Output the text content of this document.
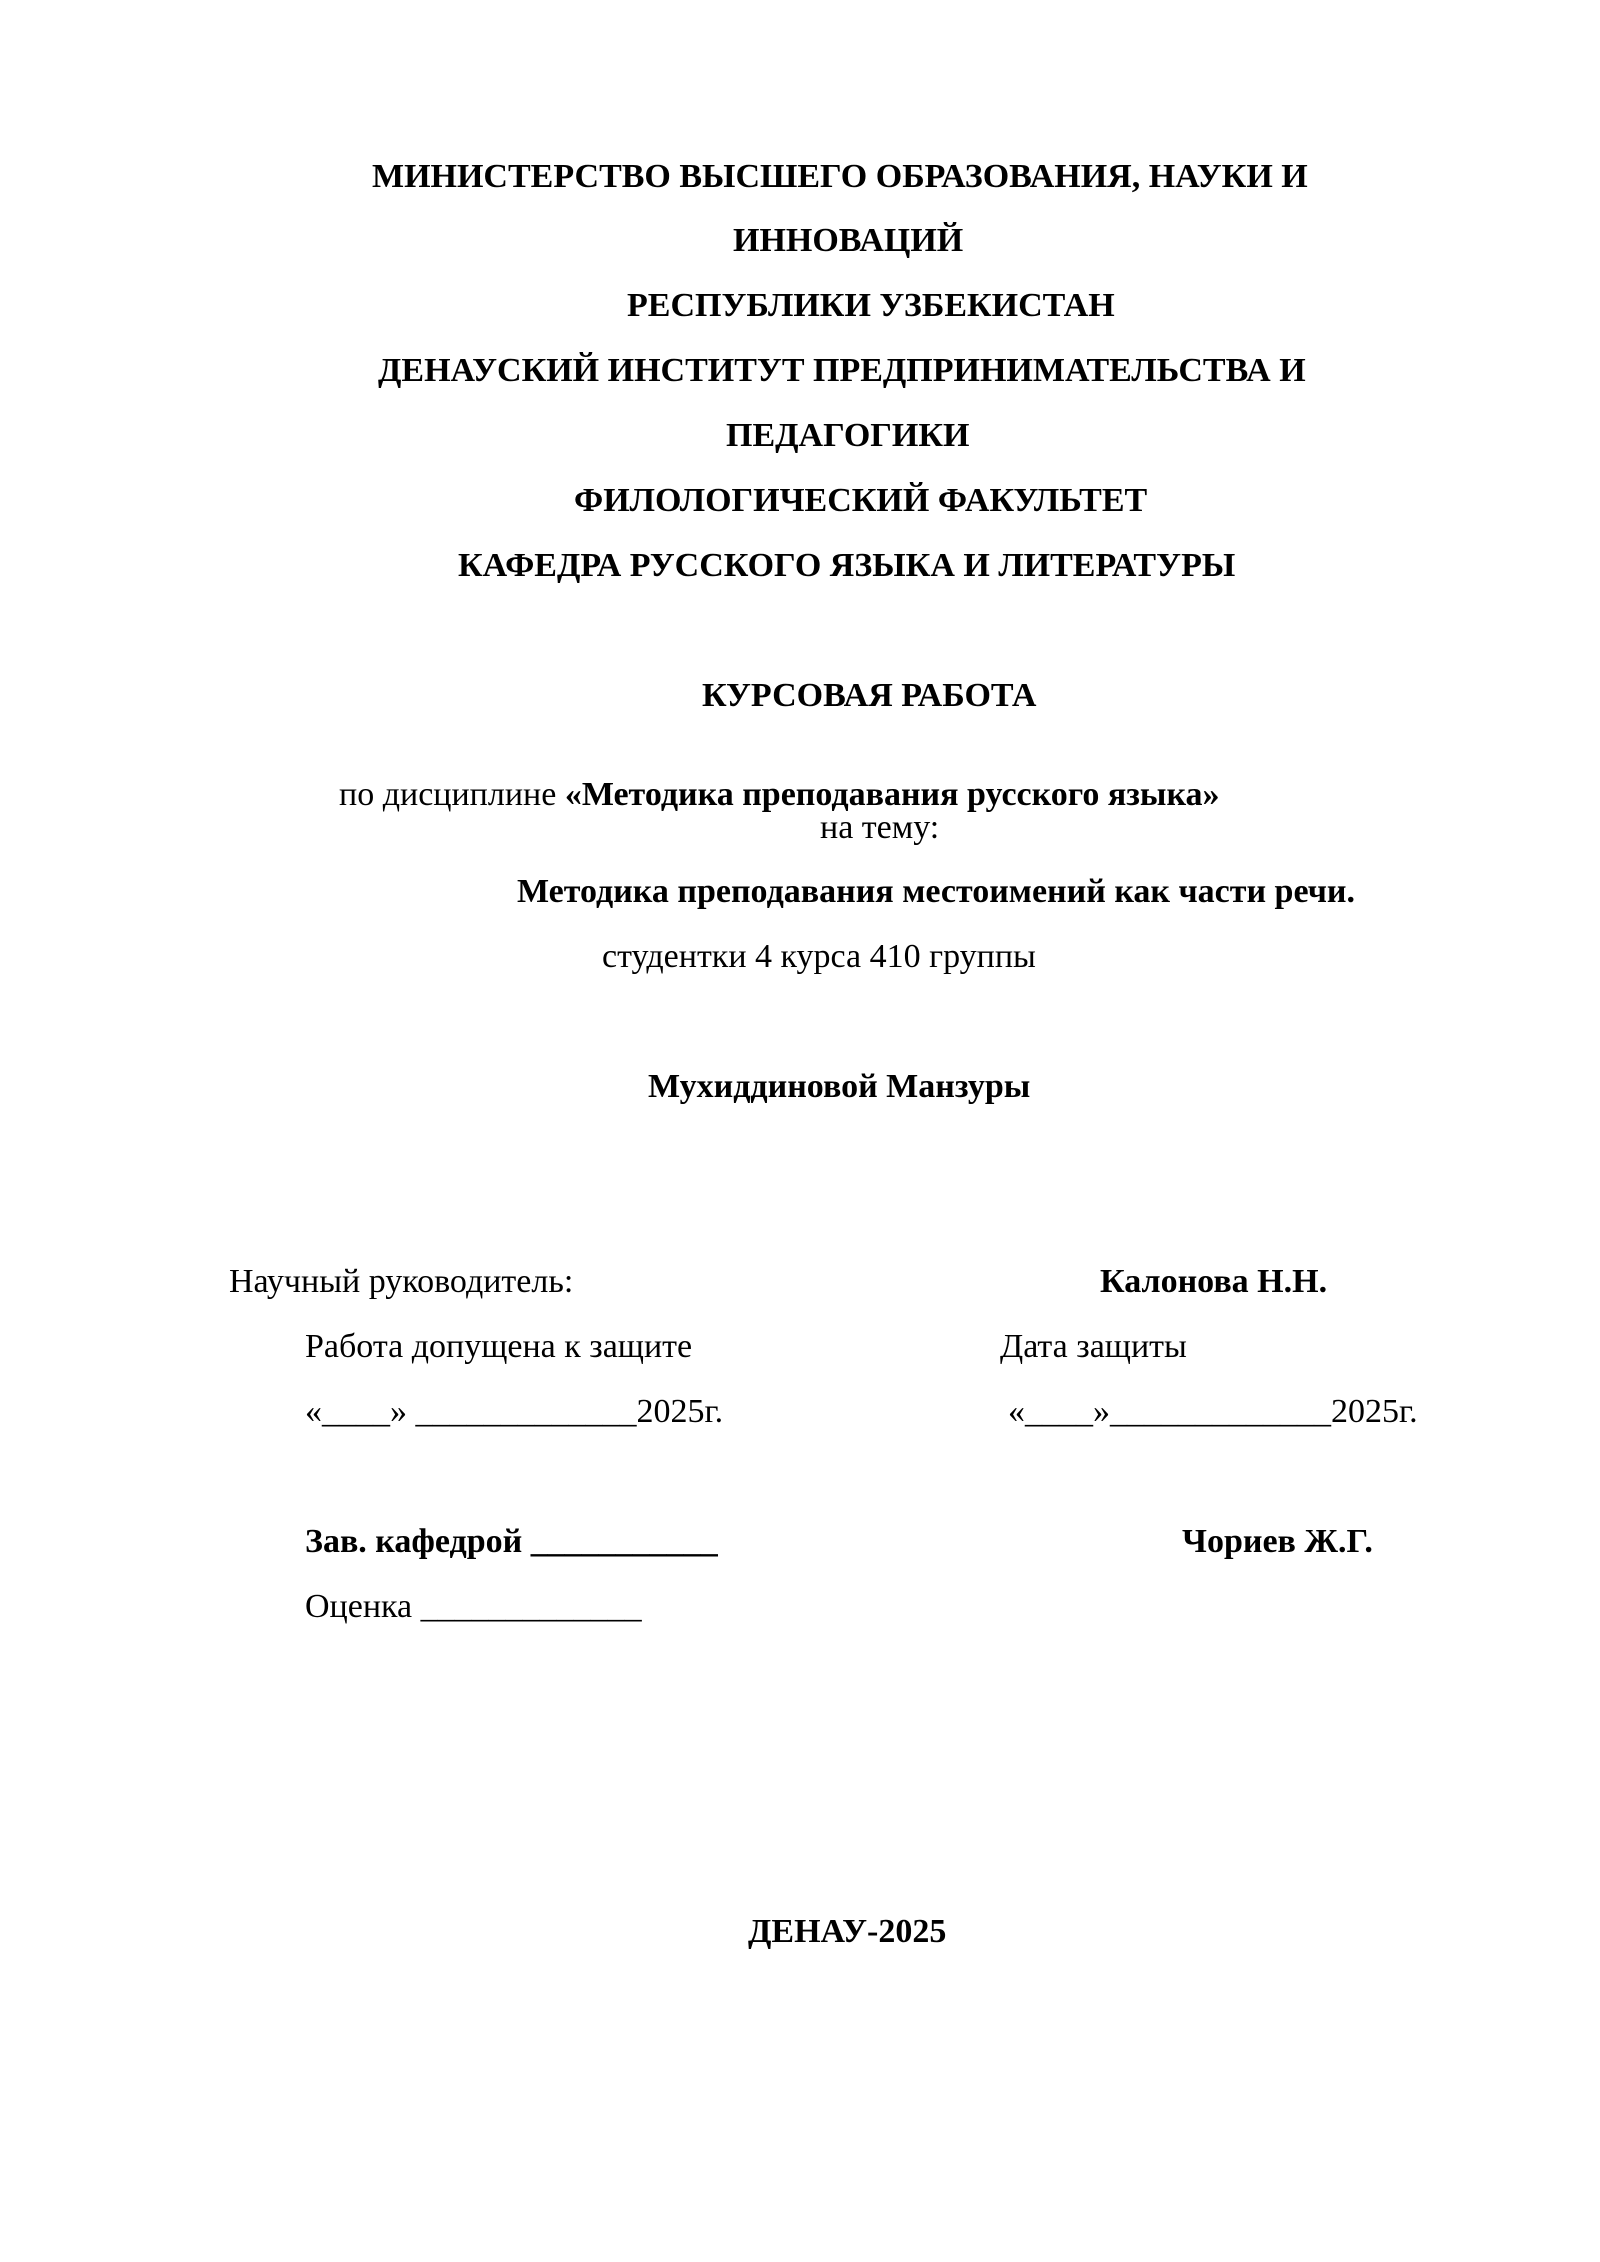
МИНИСТЕРСТВО ВЫСШЕГО ОБРАЗОВАНИЯ, НАУКИ И
ИННОВАЦИЙ
РЕСПУБЛИКИ УЗБЕКИСТАН
ДЕНАУСКИЙ ИНСТИТУТ ПРЕДПРИНИМАТЕЛЬСТВА И
ПЕДАГОГИКИ
ФИЛОЛОГИЧЕСКИЙ ФАКУЛЬТЕТ
КАФЕДРА РУССКОГО ЯЗЫКА И ЛИТЕРАТУРЫ
КУРСОВАЯ РАБОТА

по дисциплине «Методика преподавания русского языка»

на тему:
Методика преподавания местоимений как части речи.
студентки 4 курса 410 группы
Мухиддиновой Манзуры
Научный руководитель:	Калонова Н.Н.
Работа допущена к защите	Дата защиты
«____» _____________2025г.	«____»_____________2025г.
Зав. кафедрой ___________	Чориев Ж.Г.
Оценка _____________
ДЕНАУ-2025
